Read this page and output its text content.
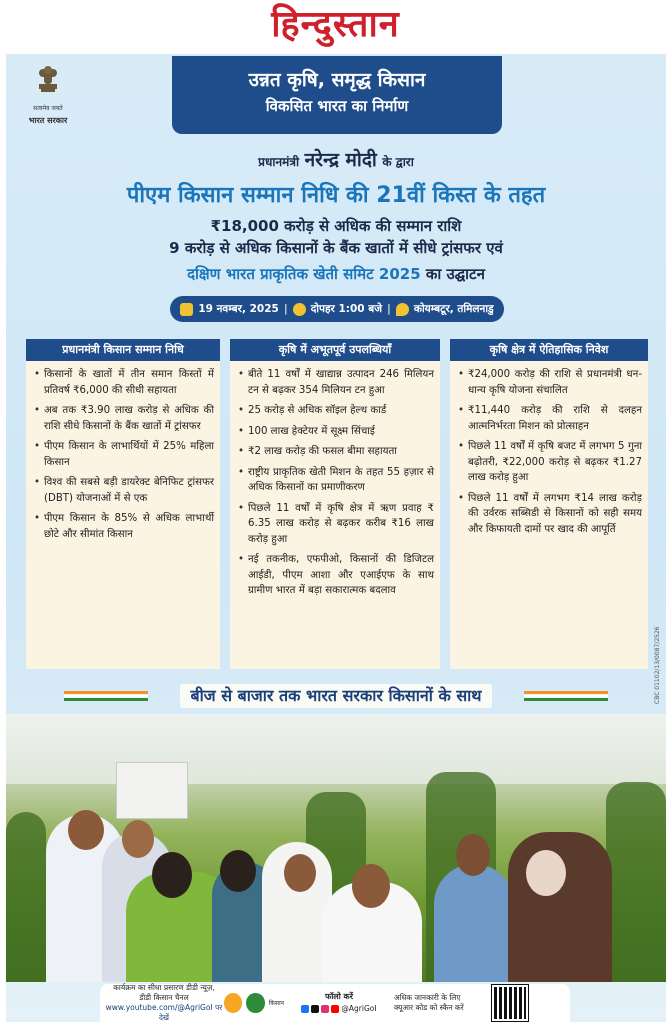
हिन्दुस्तान
सत्यमेव जयते
भारत सरकार
उन्नत कृषि, समृद्ध किसान
विकसित भारत का निर्माण
प्रधानमंत्री नरेन्द्र मोदी के द्वारा
पीएम किसान सम्मान निधि की 21वीं किस्त के तहत
₹18,000 करोड़ से अधिक की सम्मान राशि
9 करोड़ से अधिक किसानों के बैंक खातों में सीधे ट्रांसफर एवं
दक्षिण भारत प्राकृतिक खेती समिट 2025 का उद्घाटन
19 नवम्बर, 2025 | दोपहर 1:00 बजे | कोयम्बटूर, तमिलनाडु
प्रधानमंत्री किसान सम्मान निधि
• किसानों के खातों में तीन समान किस्तों में प्रतिवर्ष ₹6,000 की सीधी सहायता
• अब तक ₹3.90 लाख करोड़ से अधिक की राशि सीधे किसानों के बैंक खातों में ट्रांसफर
• पीएम किसान के लाभार्थियों में 25% महिला किसान
• विश्व की सबसे बड़ी डायरेक्ट बेनिफिट ट्रांसफर (DBT) योजनाओं में से एक
• पीएम किसान के 85% से अधिक लाभार्थी छोटे और सीमांत किसान
कृषि में अभूतपूर्व उपलब्धियाँ
• बीते 11 वर्षों में खाद्यान्न उत्पादन 246 मिलियन टन से बढ़कर 354 मिलियन टन हुआ
• 25 करोड़ से अधिक सॉइल हेल्थ कार्ड
• 100 लाख हेक्टेयर में सूक्ष्म सिंचाई
• ₹2 लाख करोड़ की फसल बीमा सहायता
• राष्ट्रीय प्राकृतिक खेती मिशन के तहत 55 हज़ार से अधिक किसानों का प्रमाणीकरण
• पिछले 11 वर्षों में कृषि क्षेत्र में ऋण प्रवाह ₹ 6.35 लाख करोड़ से बढ़कर करीब ₹16 लाख करोड़ हुआ
• नई तकनीक, एफपीओ, किसानों की डिजिटल आईडी, पीएम आशा और एआईएफ के साथ ग्रामीण भारत में बड़ा सकारात्मक बदलाव
कृषि क्षेत्र में ऐतिहासिक निवेश
• ₹24,000 करोड़ की राशि से प्रधानमंत्री धन-धान्य कृषि योजना संचालित
• ₹11,440 करोड़ की राशि से दलहन आत्मनिर्भरता मिशन को प्रोत्साहन
• पिछले 11 वर्षों में कृषि बजट में लगभग 5 गुना बढ़ोतरी, ₹22,000 करोड़ से बढ़कर ₹1.27 लाख करोड़ हुआ
• पिछले 11 वर्षों में लगभग ₹14 लाख करोड़ की उर्वरक सब्सिडी से किसानों को सही समय और किफायती दामों पर खाद की आपूर्ति
CBC 01102/13/0087/2526
बीज से बाजार तक भारत सरकार किसानों के साथ
कार्यक्रम का सीधा प्रसारण डीडी न्यूज़,
डीडी किसान चैनल
www.youtube.com/@AgriGoI पर देखें
किसान
फॉलो करें
@AgriGoI
अधिक जानकारी के लिए
क्यूआर कोड को स्कैन करें
